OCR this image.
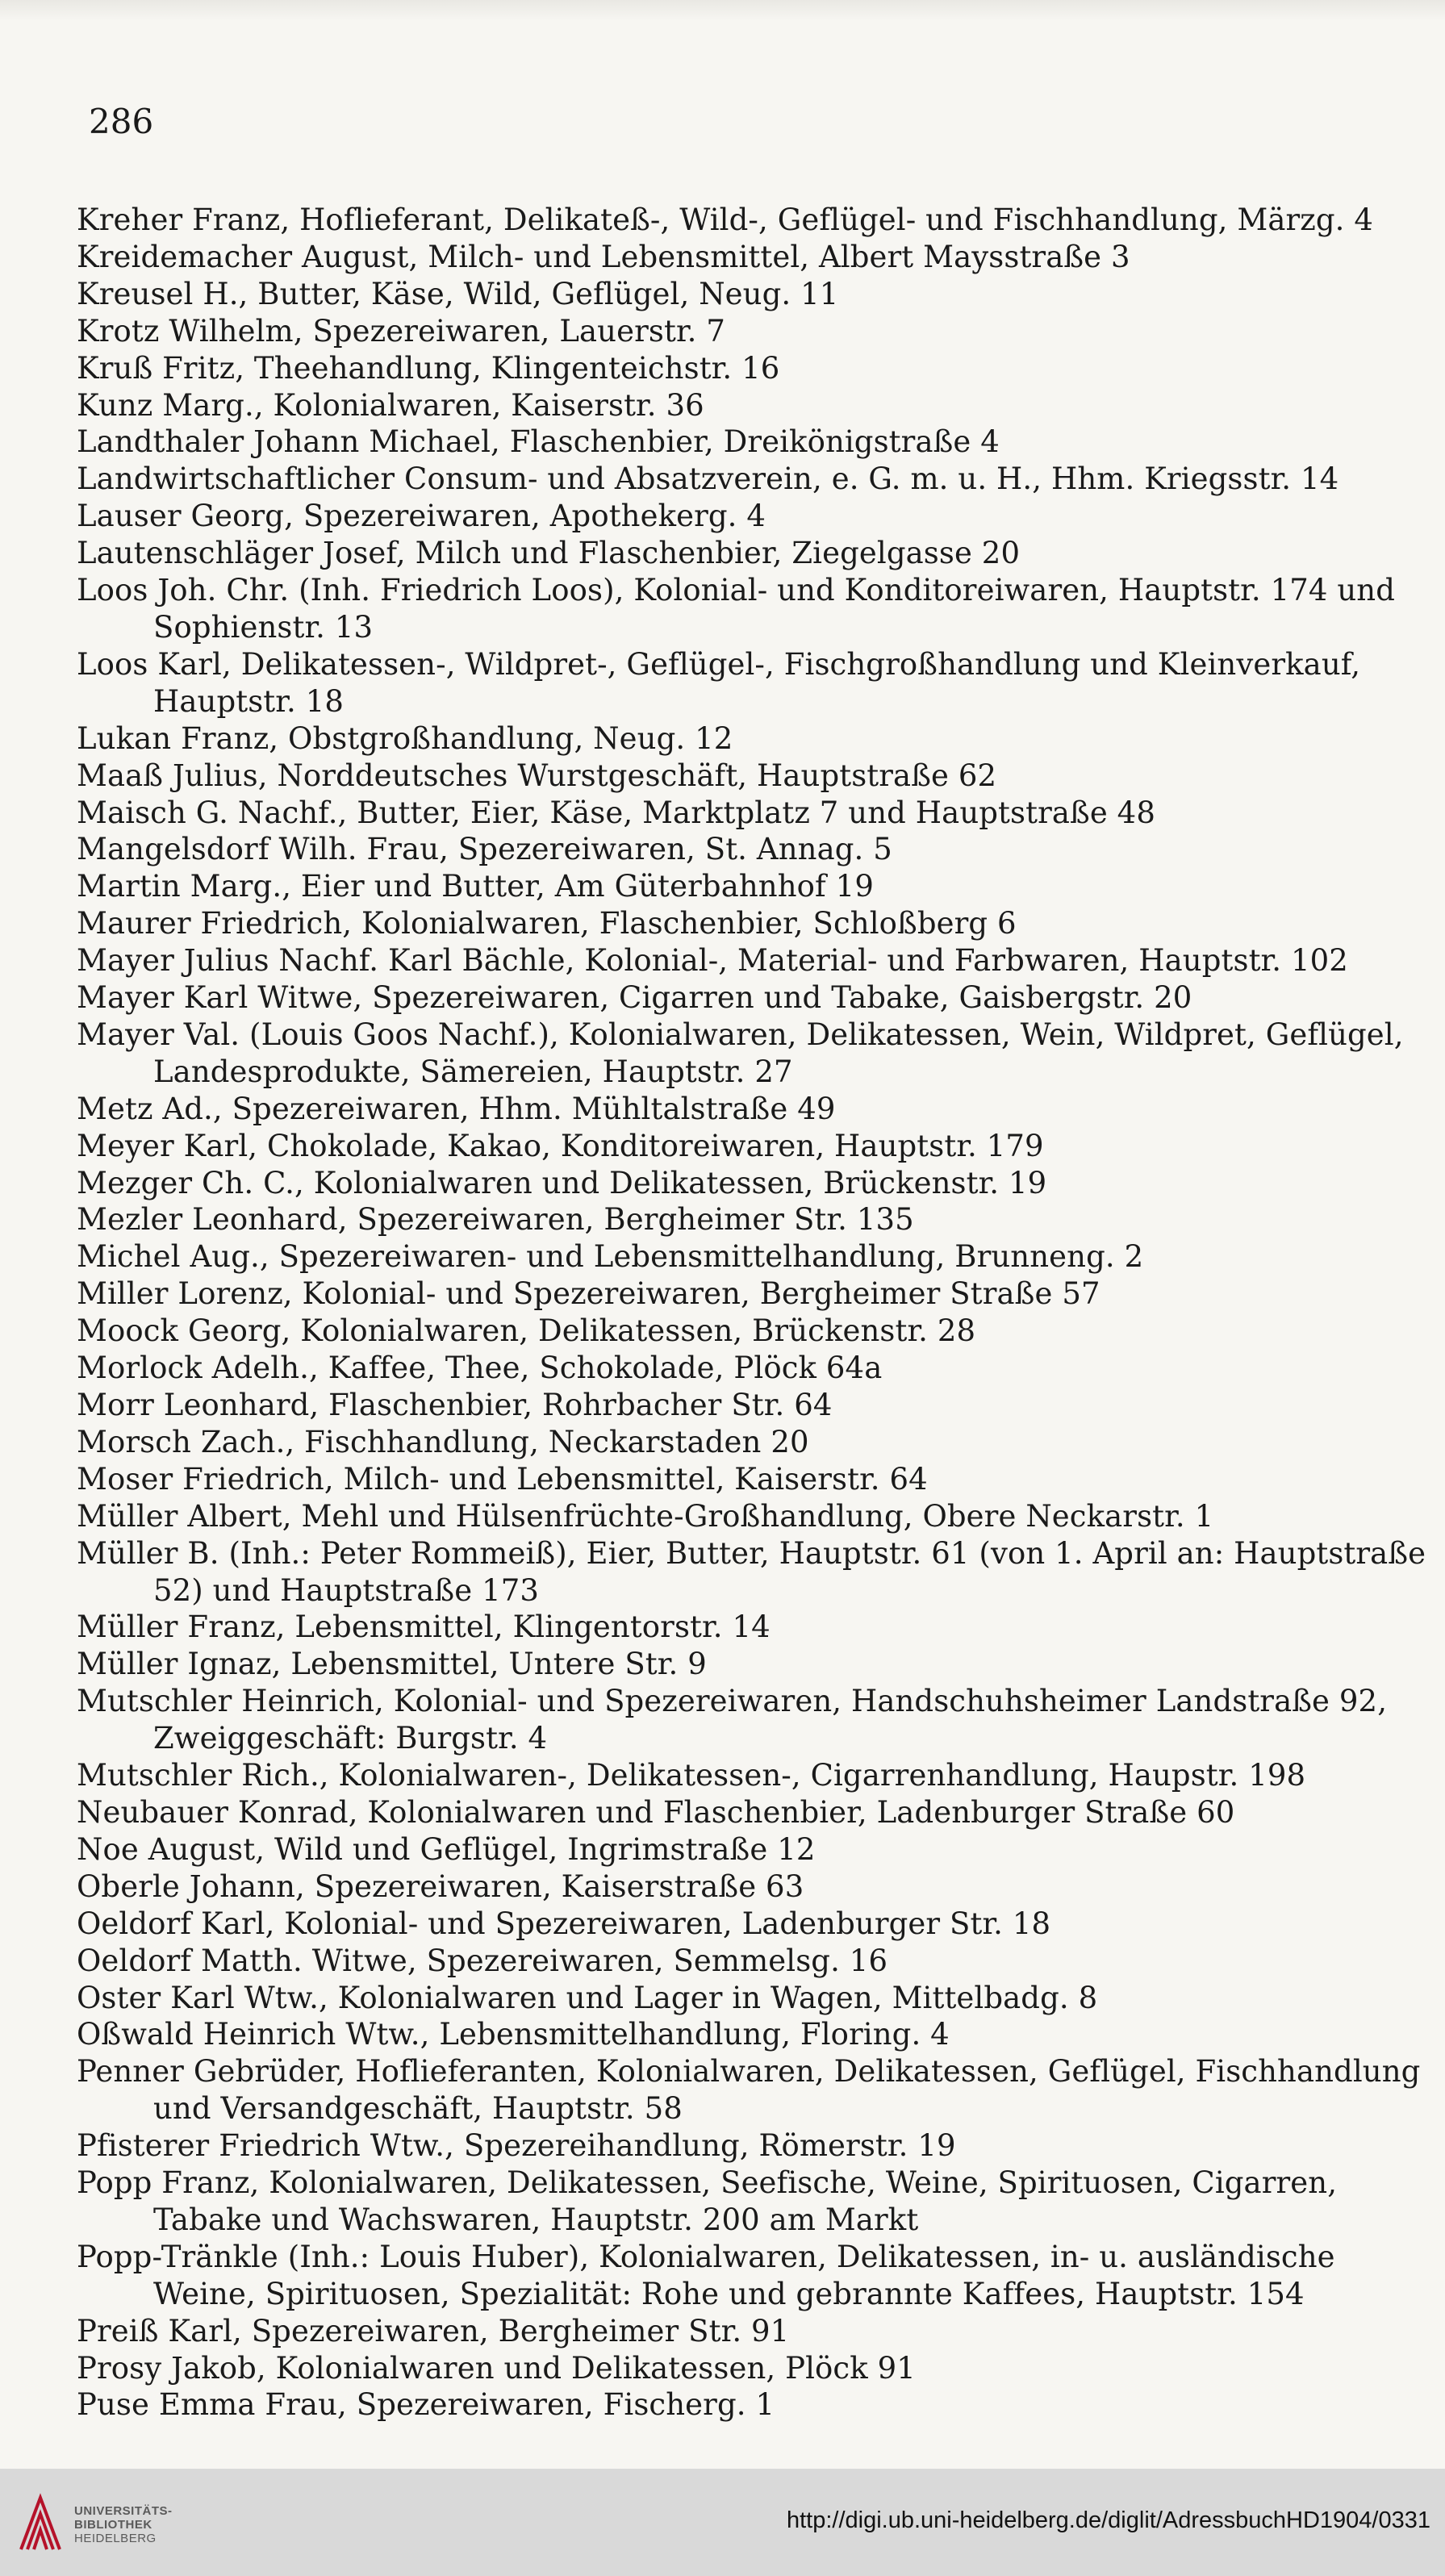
286

Kreher Franz, Hoflieferant, Delikateß-, Wild-, Geflügel- und Fischhandlung, Märzg. 4

Kreidemacher August, Milch- und Lebensmittel, Albert Maysstraße 3

Kreusel H., Butter, Käse, Wild, Geflügel, Neug. 11

Krotz Wilhelm, Spezereiwaren, Lauerstr. 7

Kruß Fritz, Theehandlung, Klingenteichstr. 16

Kunz Marg., Kolonialwaren, Kaiserstr. 36

Landthaler Johann Michael, Flaschenbier, Dreikönigstraße 4

Landwirtschaftlicher Consum- und Absatzverein, e. G. m. u. H., Hhm. Kriegsstr. 14

Lauser Georg, Spezereiwaren, Apothekerg. 4

Lautenschläger Josef, Milch und Flaschenbier, Ziegelgasse 20

Loos Joh. Chr. (Inh. Friedrich Loos), Kolonial- und Konditoreiwaren, Hauptstr. 174 und Sophienstr. 13

Loos Karl, Delikatessen-, Wildpret-, Geflügel-, Fischgroßhandlung und Kleinverkauf, Hauptstr. 18

Lukan Franz, Obstgroßhandlung, Neug. 12

Maaß Julius, Norddeutsches Wurstgeschäft, Hauptstraße 62

Maisch G. Nachf., Butter, Eier, Käse, Marktplatz 7 und Hauptstraße 48

Mangelsdorf Wilh. Frau, Spezereiwaren, St. Annag. 5

Martin Marg., Eier und Butter, Am Güterbahnhof 19

Maurer Friedrich, Kolonialwaren, Flaschenbier, Schloßberg 6

Mayer Julius Nachf. Karl Bächle, Kolonial-, Material- und Farbwaren, Hauptstr. 102

Mayer Karl Witwe, Spezereiwaren, Cigarren und Tabake, Gaisbergstr. 20

Mayer Val. (Louis Goos Nachf.), Kolonialwaren, Delikatessen, Wein, Wildpret, Geflügel, Landesprodukte, Sämereien, Hauptstr. 27

Metz Ad., Spezereiwaren, Hhm. Mühltalstraße 49

Meyer Karl, Chokolade, Kakao, Konditoreiwaren, Hauptstr. 179

Mezger Ch. C., Kolonialwaren und Delikatessen, Brückenstr. 19

Mezler Leonhard, Spezereiwaren, Bergheimer Str. 135

Michel Aug., Spezereiwaren- und Lebensmittelhandlung, Brunneng. 2

Miller Lorenz, Kolonial- und Spezereiwaren, Bergheimer Straße 57

Moock Georg, Kolonialwaren, Delikatessen, Brückenstr. 28

Morlock Adelh., Kaffee, Thee, Schokolade, Plöck 64a

Morr Leonhard, Flaschenbier, Rohrbacher Str. 64

Morsch Zach., Fischhandlung, Neckarstaden 20

Moser Friedrich, Milch- und Lebensmittel, Kaiserstr. 64

Müller Albert, Mehl und Hülsenfrüchte-Großhandlung, Obere Neckarstr. 1

Müller B. (Inh.: Peter Rommeiß), Eier, Butter, Hauptstr. 61 (von 1. April an: Hauptstraße 52) und Hauptstraße 173

Müller Franz, Lebensmittel, Klingentorstr. 14

Müller Ignaz, Lebensmittel, Untere Str. 9

Mutschler Heinrich, Kolonial- und Spezereiwaren, Handschuhsheimer Landstraße 92, Zweiggeschäft: Burgstr. 4

Mutschler Rich., Kolonialwaren-, Delikatessen-, Cigarrenhandlung, Haupstr. 198

Neubauer Konrad, Kolonialwaren und Flaschenbier, Ladenburger Straße 60

Noe August, Wild und Geflügel, Ingrimstraße 12

Oberle Johann, Spezereiwaren, Kaiserstraße 63

Oeldorf Karl, Kolonial- und Spezereiwaren, Ladenburger Str. 18

Oeldorf Matth. Witwe, Spezereiwaren, Semmelsg. 16

Oster Karl Wtw., Kolonialwaren und Lager in Wagen, Mittelbadg. 8

Oßwald Heinrich Wtw., Lebensmittelhandlung, Floring. 4

Penner Gebrüder, Hoflieferanten, Kolonialwaren, Delikatessen, Geflügel, Fischhandlung und Versandgeschäft, Hauptstr. 58

Pfisterer Friedrich Wtw., Spezereihandlung, Römerstr. 19

Popp Franz, Kolonialwaren, Delikatessen, Seefische, Weine, Spirituosen, Cigarren, Tabake und Wachswaren, Hauptstr. 200 am Markt

Popp-Tränkle (Inh.: Louis Huber), Kolonialwaren, Delikatessen, in- u. ausländische Weine, Spirituosen, Spezialität: Rohe und gebrannte Kaffees, Hauptstr. 154

Preiß Karl, Spezereiwaren, Bergheimer Str. 91

Prosy Jakob, Kolonialwaren und Delikatessen, Plöck 91

Puse Emma Frau, Spezereiwaren, Fischerg. 1

UNIVERSITÄTS-
BIBLIOTHEK
HEIDELBERG
http://digi.ub.uni-heidelberg.de/diglit/AdressbuchHD1904/0331
